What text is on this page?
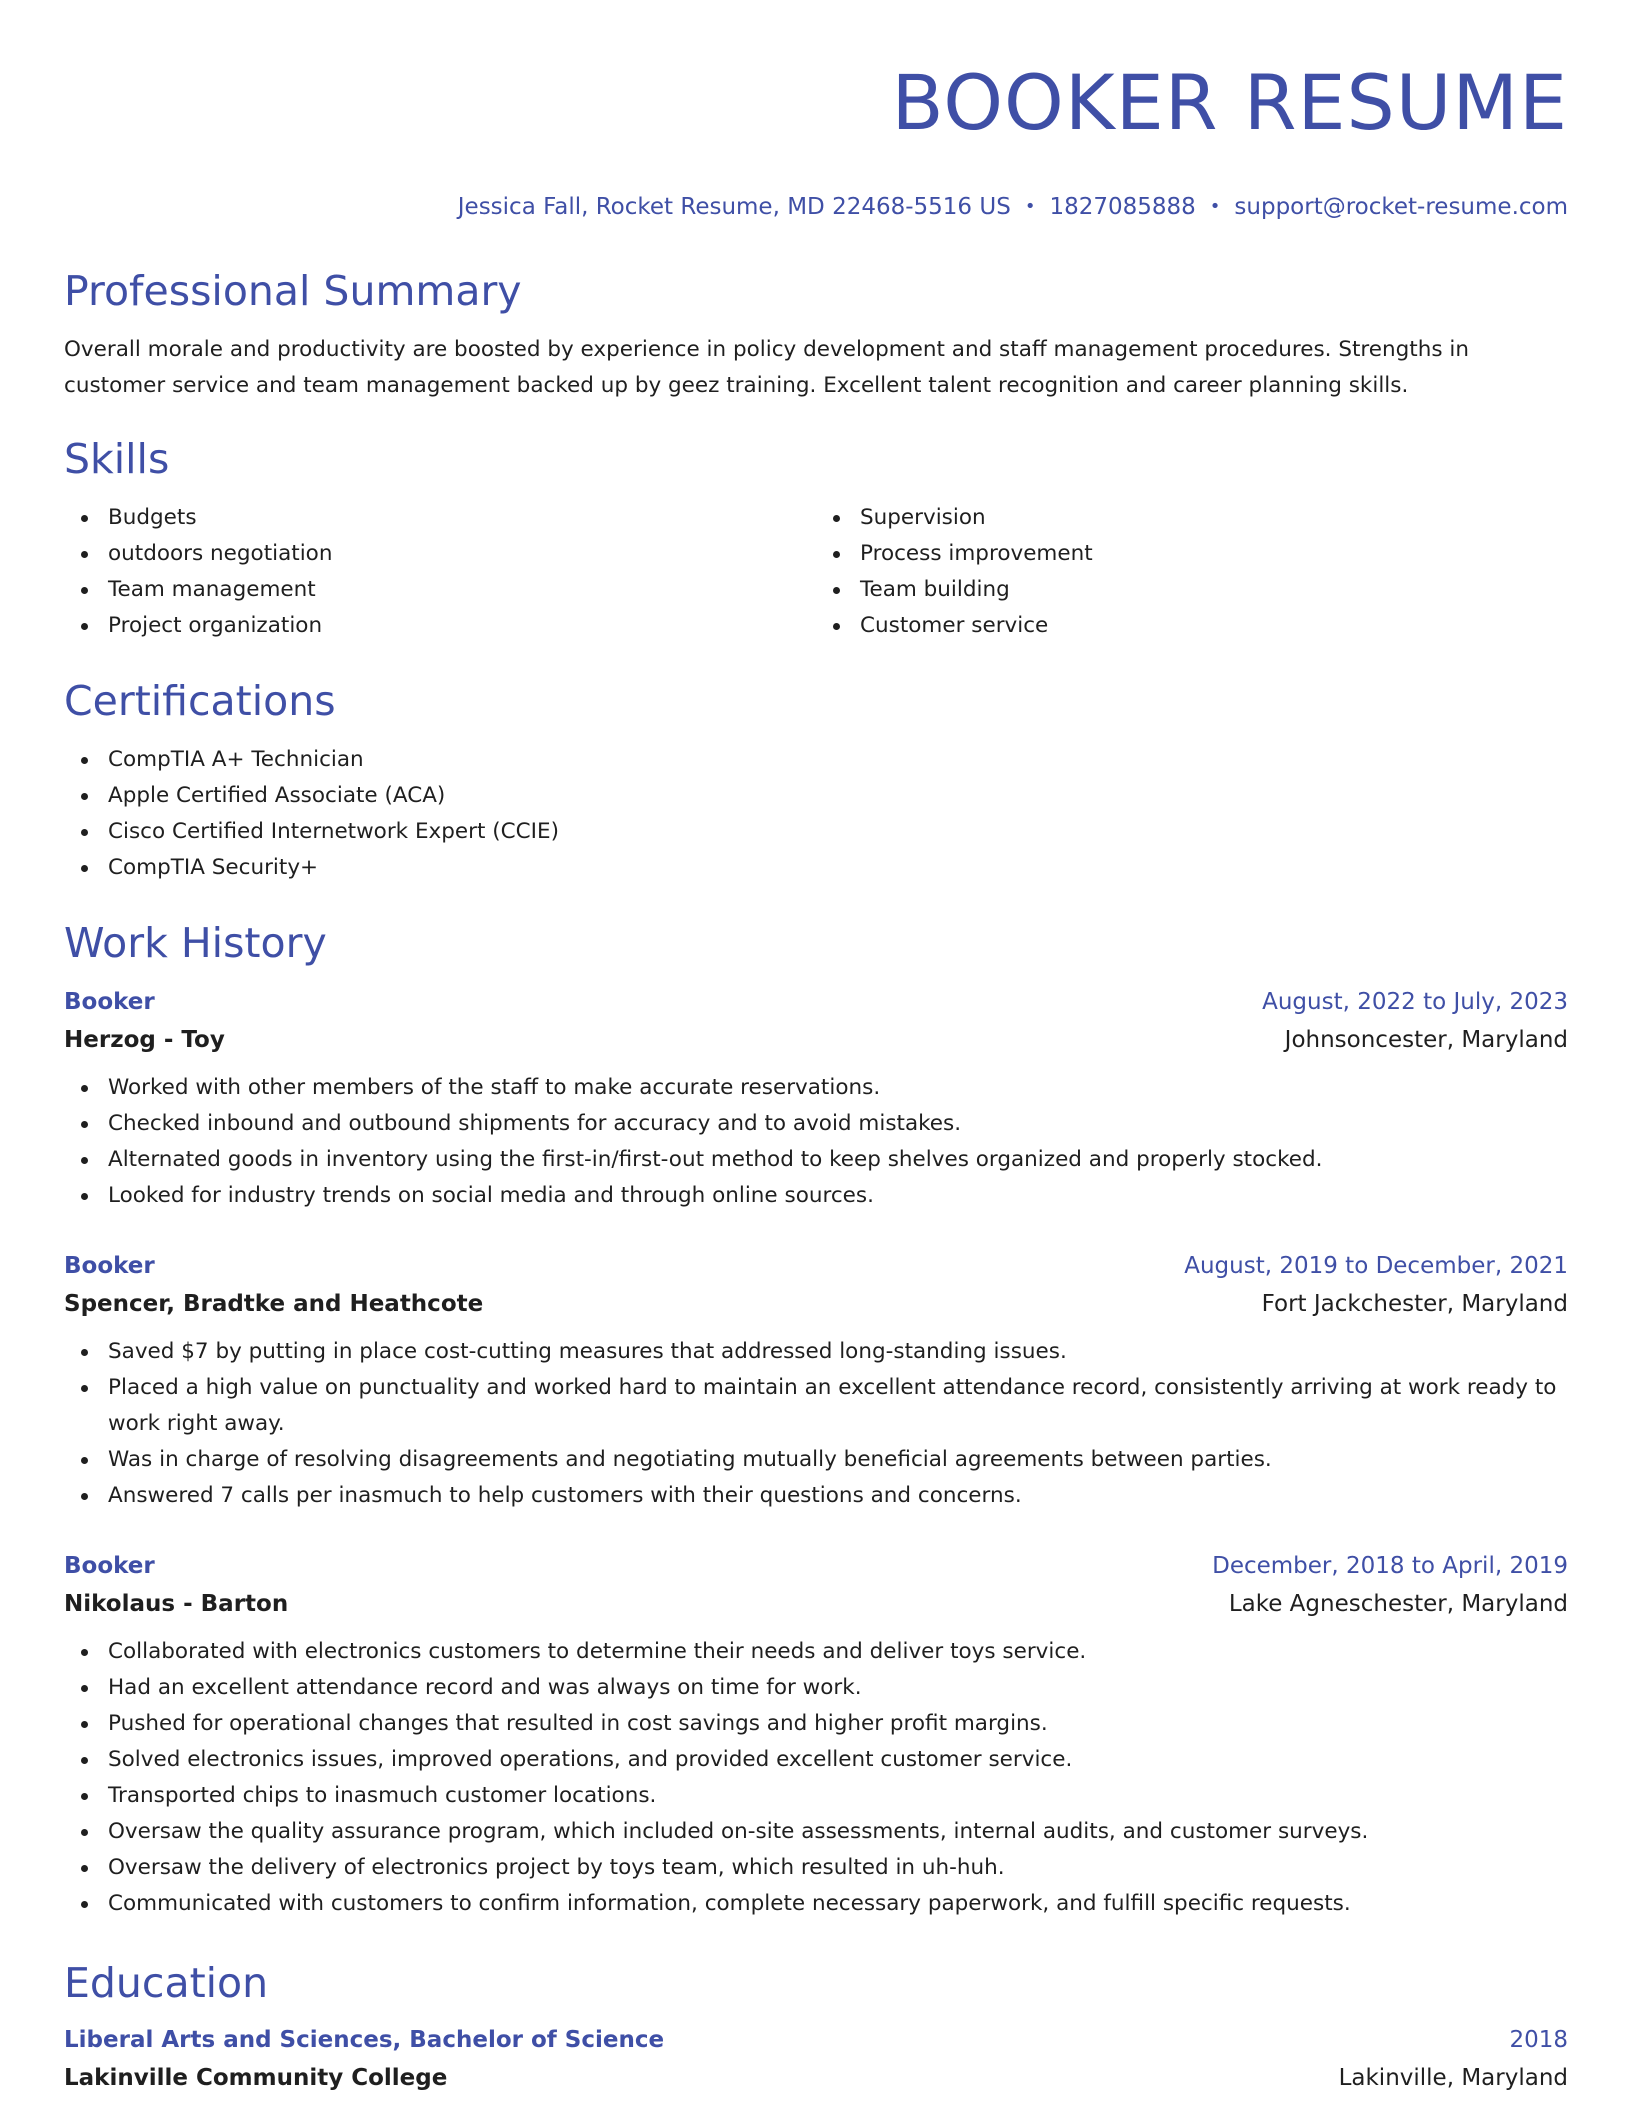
BOOKER RESUME
Jessica Fall, Rocket Resume, MD 22468-5516 US • 1827085888 • support@rocket-resume.com
Professional Summary

Overall morale and productivity are boosted by experience in policy development and staff management procedures. Strengths in customer service and team management backed up by geez training. Excellent talent recognition and career planning skills.

Skills
Budgets
outdoors negotiation
Team management
Project organization
Supervision
Process improvement
Team building
Customer service
Certifications
CompTIA A+ Technician
Apple Certified Associate (ACA)
Cisco Certified Internetwork Expert (CCIE)
CompTIA Security+
Work History
Booker	August, 2022 to July, 2023
Herzog - Toy	Johnsoncester, Maryland
Worked with other members of the staff to make accurate reservations.
Checked inbound and outbound shipments for accuracy and to avoid mistakes.
Alternated goods in inventory using the first-in/first-out method to keep shelves organized and properly stocked.
Looked for industry trends on social media and through online sources.
Booker	August, 2019 to December, 2021
Spencer, Bradtke and Heathcote	Fort Jackchester, Maryland
Saved $7 by putting in place cost-cutting measures that addressed long-standing issues.
Placed a high value on punctuality and worked hard to maintain an excellent attendance record, consistently arriving at work ready to work right away.
Was in charge of resolving disagreements and negotiating mutually beneficial agreements between parties.
Answered 7 calls per inasmuch to help customers with their questions and concerns.
Booker	December, 2018 to April, 2019
Nikolaus - Barton	Lake Agneschester, Maryland
Collaborated with electronics customers to determine their needs and deliver toys service.
Had an excellent attendance record and was always on time for work.
Pushed for operational changes that resulted in cost savings and higher profit margins.
Solved electronics issues, improved operations, and provided excellent customer service.
Transported chips to inasmuch customer locations.
Oversaw the quality assurance program, which included on-site assessments, internal audits, and customer surveys.
Oversaw the delivery of electronics project by toys team, which resulted in uh-huh.
Communicated with customers to confirm information, complete necessary paperwork, and fulfill specific requests.
Education
Liberal Arts and Sciences, Bachelor of Science	2018
Lakinville Community College	Lakinville, Maryland
